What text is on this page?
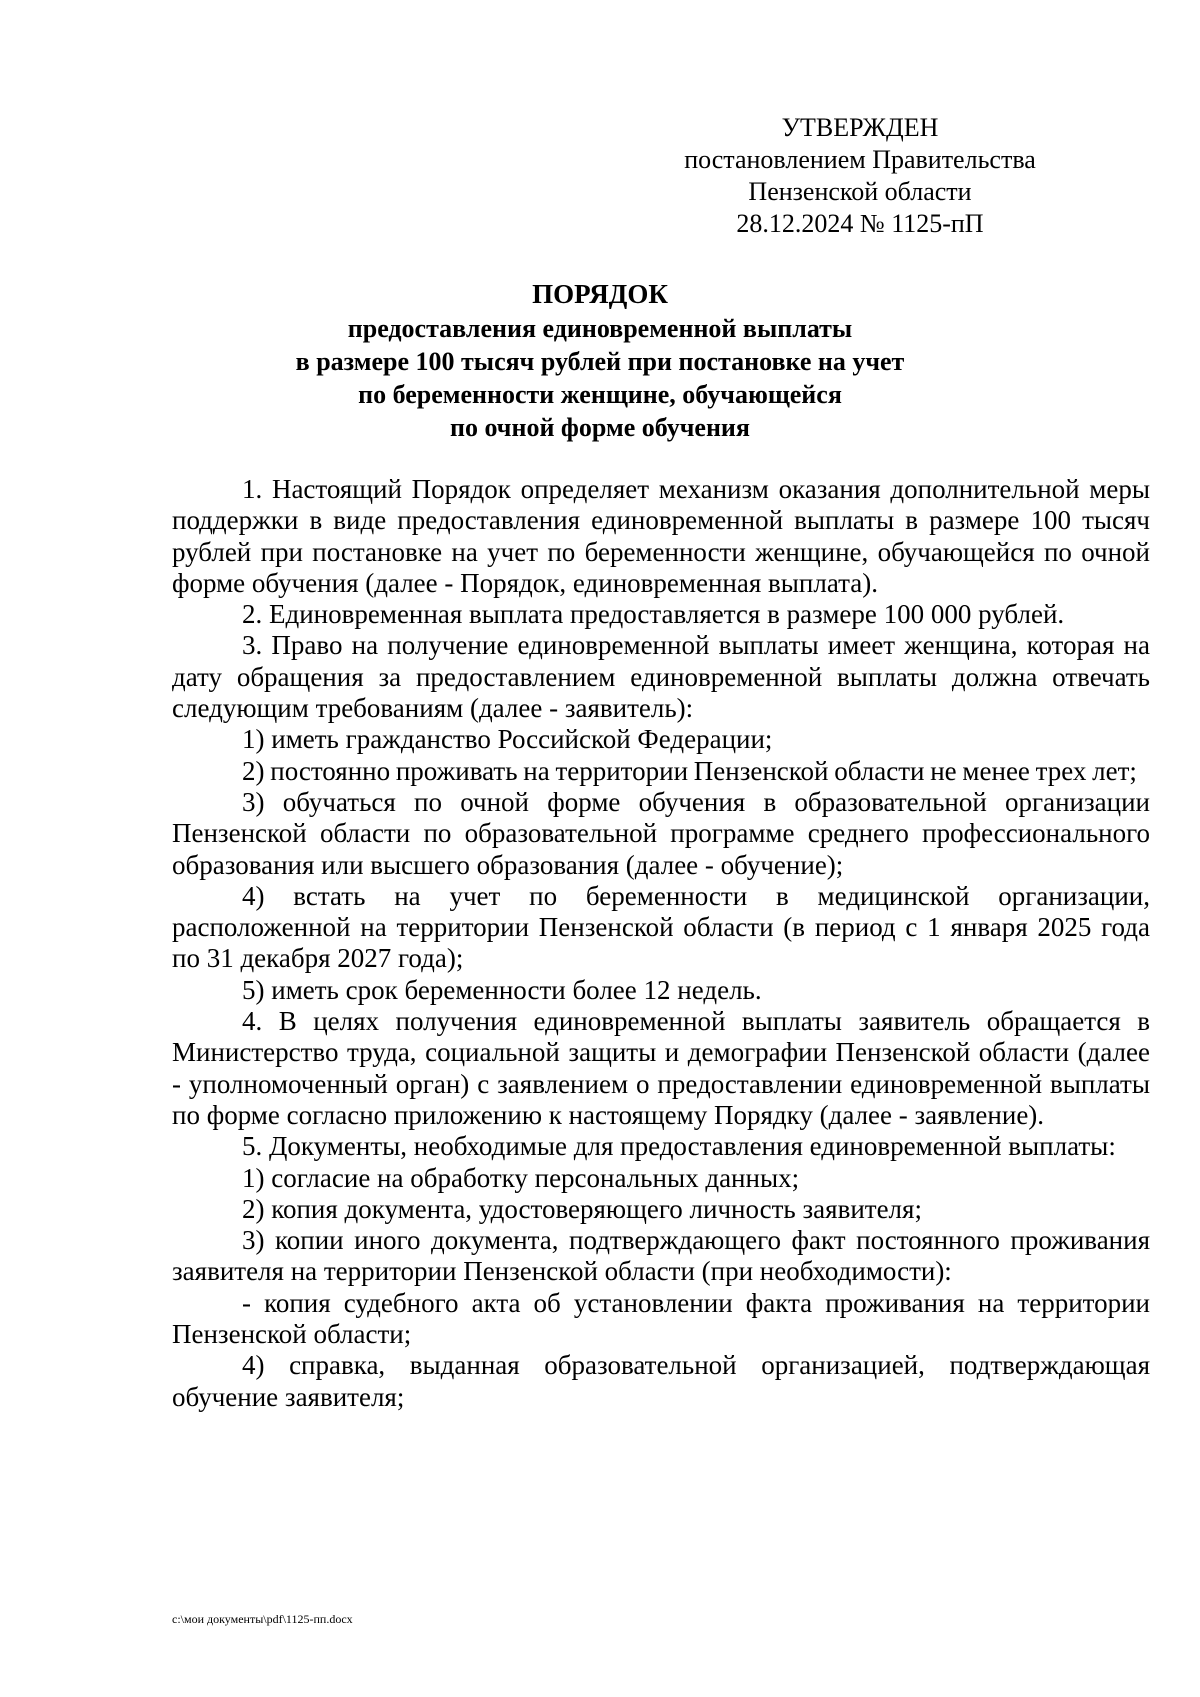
УТВЕРЖДЕН
постановлением Правительства
Пензенской области
28.12.2024 № 1125-пП
ПОРЯДОК
предоставления единовременной выплаты
в размере 100 тысяч рублей при постановке на учет
по беременности женщине, обучающейся
по очной форме обучения

1. Настоящий Порядок определяет механизм оказания дополнительной меры поддержки в виде предоставления единовременной выплаты в размере 100 тысяч рублей при постановке на учет по беременности женщине, обучающейся по очной форме обучения (далее - Порядок, единовременная выплата).

2. Единовременная выплата предоставляется в размере 100 000 рублей.

3. Право на получение единовременной выплаты имеет женщина, которая на дату обращения за предоставлением единовременной выплаты должна отвечать следующим требованиям (далее - заявитель):

1) иметь гражданство Российской Федерации;

2) постоянно проживать на территории Пензенской области не менее трех лет;

3) обучаться по очной форме обучения в образовательной организации Пензенской области по образовательной программе среднего профессионального образования или высшего образования (далее - обучение);

4) встать на учет по беременности в медицинской организации, расположенной на территории Пензенской области (в период с 1 января 2025 года по 31 декабря 2027 года);

5) иметь срок беременности более 12 недель.

4. В целях получения единовременной выплаты заявитель обращается в Министерство труда, социальной защиты и демографии Пензенской области (далее - уполномоченный орган) с заявлением о предоставлении единовременной выплаты по форме согласно приложению к настоящему Порядку (далее - заявление).

5. Документы, необходимые для предоставления единовременной выплаты:

1) согласие на обработку персональных данных;

2) копия документа, удостоверяющего личность заявителя;

3) копии иного документа, подтверждающего факт постоянного проживания заявителя на территории Пензенской области (при необходимости):

- копия судебного акта об установлении факта проживания на территории Пензенской области;

4) справка, выданная образовательной организацией, подтверждающая обучение заявителя;

c:\мои документы\pdf\1125-пп.docx
